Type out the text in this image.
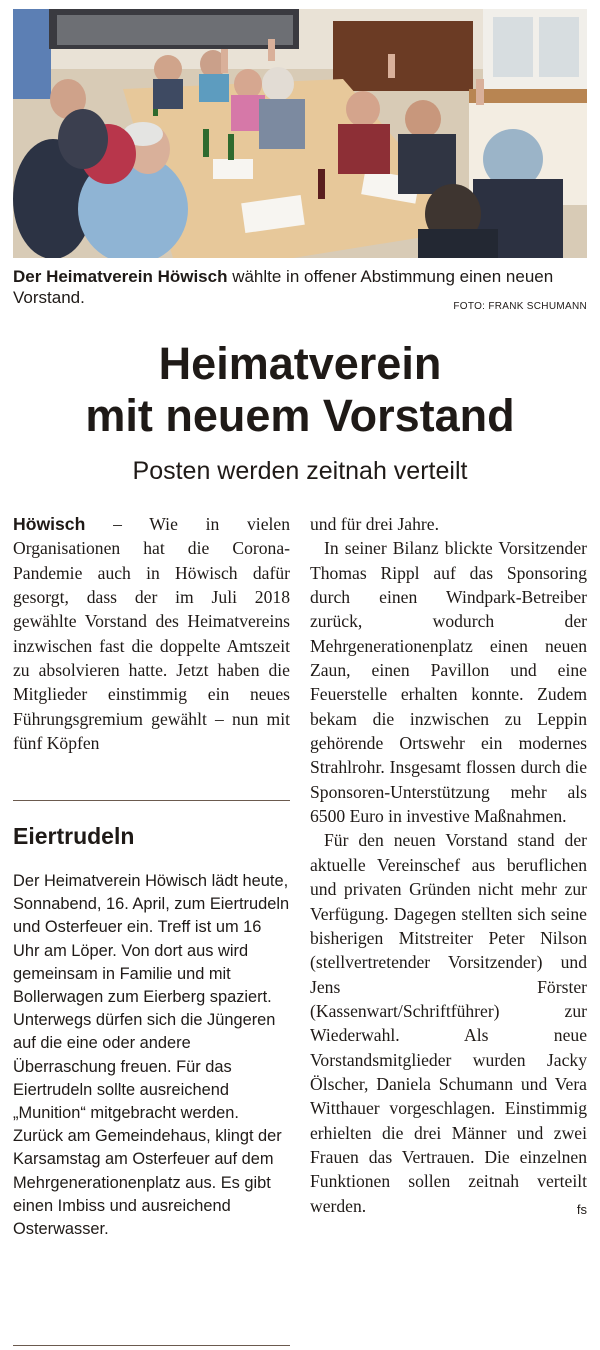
Der Heimatverein Höwisch wählte in offener Abstimmung einen neuen Vorstand.	FOTO: FRANK SCHUMANN
Heimatverein
mit neuem Vorstand
Posten werden zeitnah verteilt

Höwisch – Wie in vielen Organisationen hat die Corona-Pandemie auch in Höwisch dafür gesorgt, dass der im Juli 2018 gewählte Vorstand des Heimatvereins inzwischen fast die doppelte Amtszeit zu absolvieren hatte. Jetzt haben die Mitglieder einstimmig ein neues Führungsgremium gewählt – nun mit fünf Köpfen

Eiertrudeln
Der Heimatverein Höwisch lädt heute, Sonnabend, 16. April, zum Eiertrudeln und Osterfeuer ein. Treff ist um 16 Uhr am Löper. Von dort aus wird gemeinsam in Familie und mit Bollerwagen zum Eierberg spaziert. Unterwegs dürfen sich die Jüngeren auf die eine oder andere Überraschung freuen. Für das Eiertrudeln sollte ausreichend „Munition“ mitgebracht werden. Zurück am Gemeindehaus, klingt der Karsamstag am Osterfeuer auf dem Mehrgenerationenplatz aus. Es gibt einen Imbiss und ausreichend Osterwasser.

und für drei Jahre.

In seiner Bilanz blickte Vorsitzender Thomas Rippl auf das Sponsoring durch einen Windpark-Betreiber zurück, wodurch der Mehrgenerationenplatz einen neuen Zaun, einen Pavillon und eine Feuerstelle erhalten konnte. Zudem bekam die inzwischen zu Leppin gehörende Ortswehr ein modernes Strahlrohr. Insgesamt flossen durch die Sponsoren-Unterstützung mehr als 6500 Euro in investive Maßnahmen.

Für den neuen Vorstand stand der aktuelle Vereinschef aus beruflichen und privaten Gründen nicht mehr zur Verfügung. Dagegen stellten sich seine bisherigen Mitstreiter Peter Nilson (stellvertretender Vorsitzender) und Jens Förster (Kassenwart/Schriftführer) zur Wiederwahl. Als neue Vorstandsmitglieder wurden Jacky Ölscher, Daniela Schumann und Vera Witthauer vorgeschlagen. Einstimmig erhielten die drei Männer und zwei Frauen das Vertrauen. Die einzelnen Funktionen sollen zeitnah verteilt werden.	fs
